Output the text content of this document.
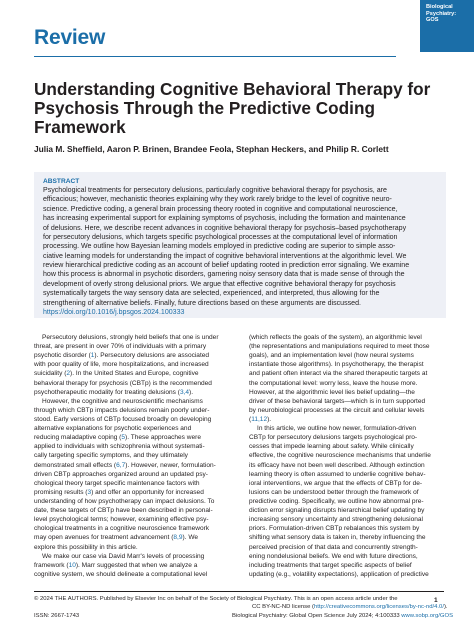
Review
Biological
Psychiatry:
GOS
Understanding Cognitive Behavioral Therapy for
Psychosis Through the Predictive Coding
Framework
Julia M. Sheffield, Aaron P. Brinen, Brandee Feola, Stephan Heckers, and Philip R. Corlett
ABSTRACT
Psychological treatments for persecutory delusions, particularly cognitive behavioral therapy for psychosis, are
efficacious; however, mechanistic theories explaining why they work rarely bridge to the level of cognitive neuro-
science. Predictive coding, a general brain processing theory rooted in cognitive and computational neuroscience,
has increasing experimental support for explaining symptoms of psychosis, including the formation and maintenance
of delusions. Here, we describe recent advances in cognitive behavioral therapy for psychosis–based psychotherapy
for persecutory delusions, which targets specific psychological processes at the computational level of information
processing. We outline how Bayesian learning models employed in predictive coding are superior to simple asso-
ciative learning models for understanding the impact of cognitive behavioral interventions at the algorithmic level. We
review hierarchical predictive coding as an account of belief updating rooted in prediction error signaling. We examine
how this process is abnormal in psychotic disorders, garnering noisy sensory data that is made sense of through the
development of overly strong delusional priors. We argue that effective cognitive behavioral therapy for psychosis
systematically targets the way sensory data are selected, experienced, and interpreted, thus allowing for the
strengthening of alternative beliefs. Finally, future directions based on these arguments are discussed.
https://doi.org/10.1016/j.bpsgos.2024.100333
Persecutory delusions, strongly held beliefs that one is under
threat, are present in over 70% of individuals with a primary
psychotic disorder (1). Persecutory delusions are associated
with poor quality of life, more hospitalizations, and increased
suicidality (2). In the United States and Europe, cognitive
behavioral therapy for psychosis (CBTp) is the recommended
psychotherapeutic modality for treating delusions (3,4).
However, the cognitive and neuroscientific mechanisms
through which CBTp impacts delusions remain poorly under-
stood. Early versions of CBTp focused broadly on developing
alternative explanations for psychotic experiences and
reducing maladaptive coping (5). These approaches were
applied to individuals with schizophrenia without systemati-
cally targeting specific symptoms, and they ultimately
demonstrated small effects (6,7). However, newer, formulation-
driven CBTp approaches organized around an updated psy-
chological theory target specific maintenance factors with
promising results (3) and offer an opportunity for increased
understanding of how psychotherapy can impact delusions. To
date, these targets of CBTp have been described in personal-
level psychological terms; however, examining effective psy-
chological treatments in a cognitive neuroscience framework
may open avenues for treatment advancement (8,9). We
explore this possibility in this article.
We make our case via David Marr's levels of processing
framework (10). Marr suggested that when we analyze a
cognitive system, we should delineate a computational level
(which reflects the goals of the system), an algorithmic level
(the representations and manipulations required to meet those
goals), and an implementation level (how neural systems
instantiate those algorithms). In psychotherapy, the therapist
and patient often interact via the shared therapeutic targets at
the computational level: worry less, leave the house more.
However, at the algorithmic level lies belief updating—the
driver of these behavioral targets—which is in turn supported
by neurobiological processes at the circuit and cellular levels
(11,12).
In this article, we outline how newer, formulation-driven
CBTp for persecutory delusions targets psychological pro-
cesses that impede learning about safety. While clinically
effective, the cognitive neuroscience mechanisms that underlie
its efficacy have not been well described. Although extinction
learning theory is often assumed to underlie cognitive behav-
ioral interventions, we argue that the effects of CBTp for de-
lusions can be understood better through the framework of
predictive coding. Specifically, we outline how abnormal pre-
diction error signaling disrupts hierarchical belief updating by
increasing sensory uncertainty and strengthening delusional
priors. Formulation-driven CBTp rebalances this system by
shifting what sensory data is taken in, thereby influencing the
perceived precision of that data and concurrently strength-
ening nondelusional beliefs. We end with future directions,
including treatments that target specific aspects of belief
updating (e.g., volatility expectations), application of predictive
© 2024 THE AUTHORS. Published by Elsevier Inc on behalf of the Society of Biological Psychiatry. This is an open access article under the	1
CC BY-NC-ND license (http://creativecommons.org/licenses/by-nc-nd/4.0/).
ISSN: 2667-1743	Biological Psychiatry: Global Open Science July 2024; 4:100333 www.sobp.org/GOS
